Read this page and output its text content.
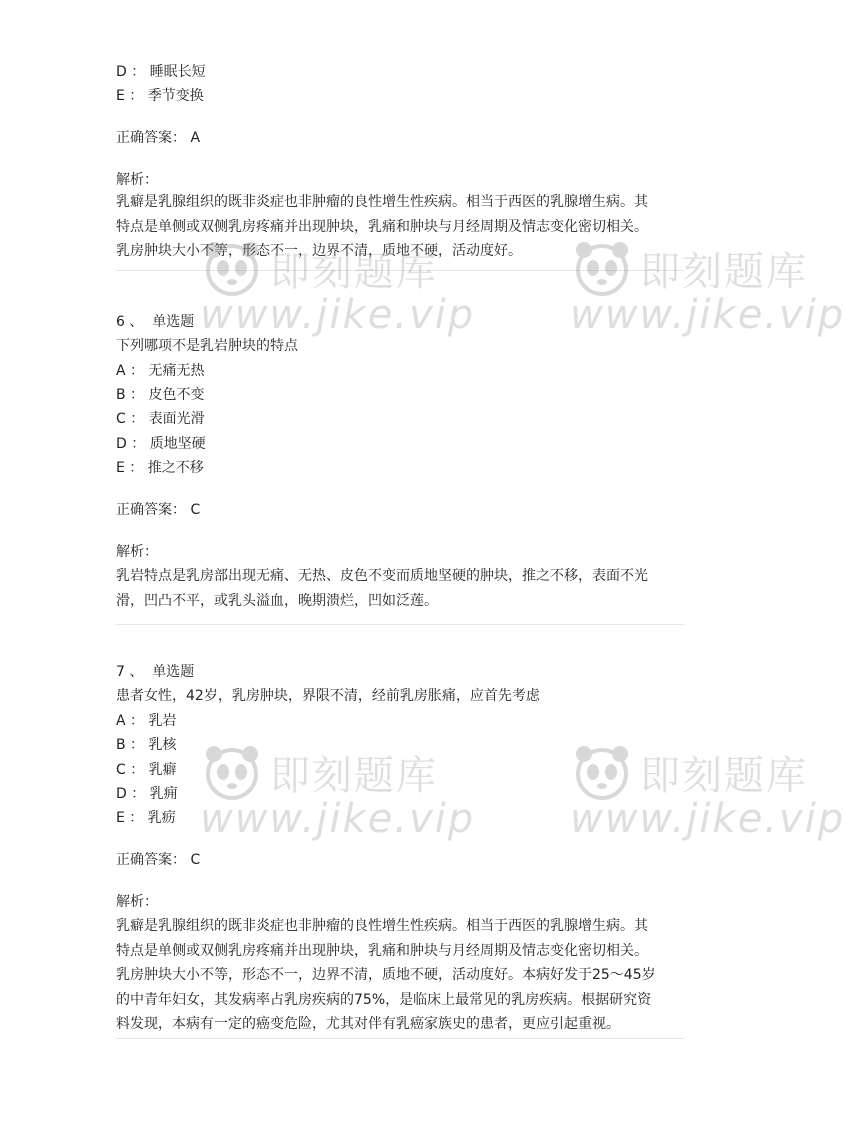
D ： 睡眠长短
E ： 季节变换
正确答案： A
解析：
乳癖是乳腺组织的既非炎症也非肿瘤的良性增生性疾病。相当于西医的乳腺增生病。其
特点是单侧或双侧乳房疼痛并出现肿块，乳痛和肿块与月经周期及情志变化密切相关。
乳房肿块大小不等，形态不一，边界不清，质地不硬，活动度好。
6 、 单选题
下列哪项不是乳岩肿块的特点
A ： 无痛无热
B ： 皮色不变
C ： 表面光滑
D ： 质地坚硬
E ： 推之不移
正确答案： C
解析：
乳岩特点是乳房部出现无痛、无热、皮色不变而质地坚硬的肿块，推之不移，表面不光
滑，凹凸不平，或乳头溢血，晚期溃烂，凹如泛莲。
7 、 单选题
患者女性，42岁，乳房肿块，界限不清，经前乳房胀痛，应首先考虑
A ： 乳岩
B ： 乳核
C ： 乳癖
D ： 乳痈
E ： 乳疬
正确答案： C
解析：
乳癖是乳腺组织的既非炎症也非肿瘤的良性增生性疾病。相当于西医的乳腺增生病。其
特点是单侧或双侧乳房疼痛并出现肿块，乳痛和肿块与月经周期及情志变化密切相关。
乳房肿块大小不等，形态不一，边界不清，质地不硬，活动度好。本病好发于25～45岁
的中青年妇女，其发病率占乳房疾病的75%，是临床上最常见的乳房疾病。根据研究资
料发现，本病有一定的癌变危险，尤其对伴有乳癌家族史的患者，更应引起重视。
即刻题库
www.jike.vip
即刻题库
www.jike.vip
即刻题库
www.jike.vip
即刻题库
www.jike.vip
